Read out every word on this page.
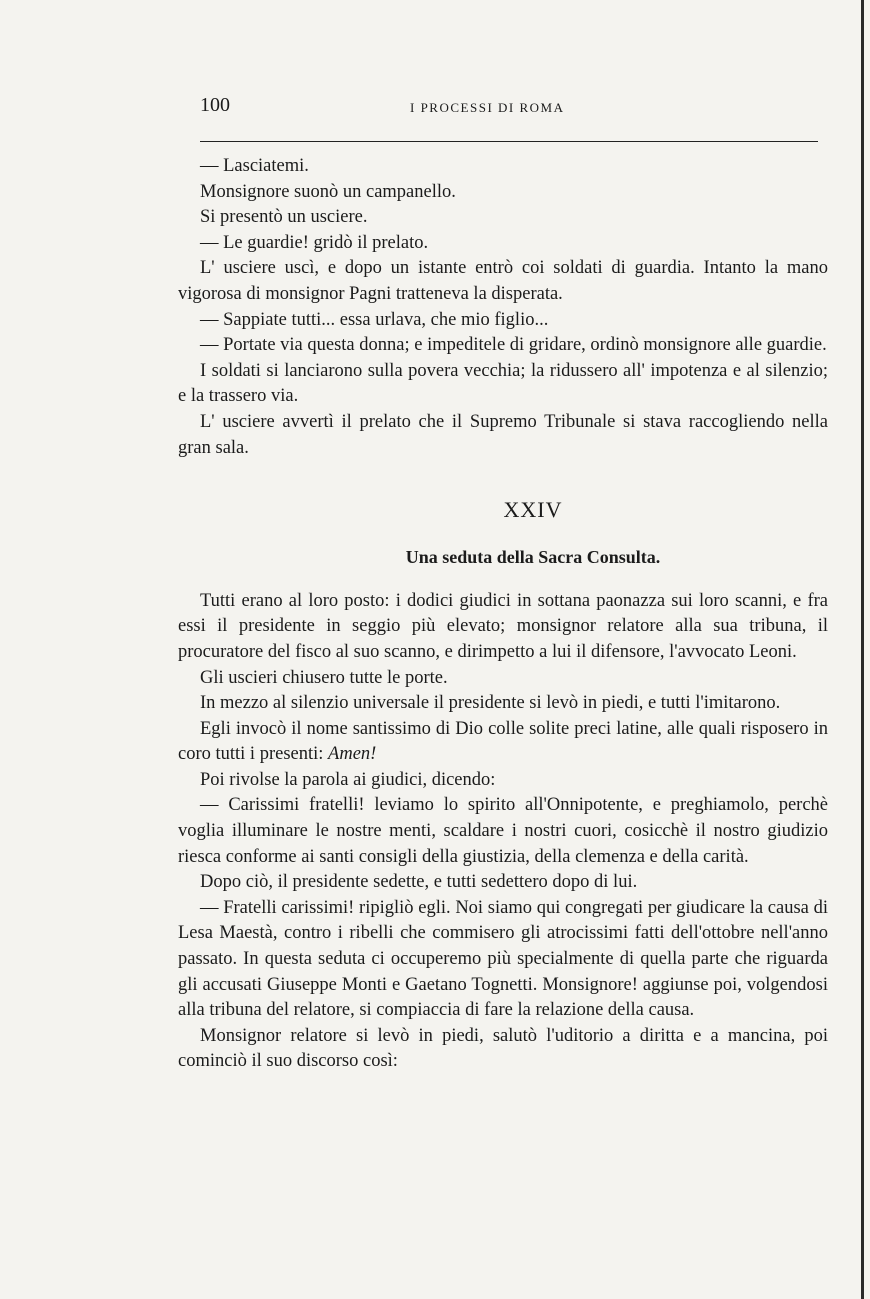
100	I PROCESSI DI ROMA

— Lasciatemi.

Monsignore suonò un campanello.

Si presentò un usciere.

— Le guardie! gridò il prelato.

L' usciere uscì, e dopo un istante entrò coi soldati di guardia. Intanto la mano vigorosa di monsignor Pagni tratteneva la disperata.

— Sappiate tutti... essa urlava, che mio figlio...

— Portate via questa donna; e impeditele di gridare, ordinò monsignore alle guardie.

I soldati si lanciarono sulla povera vecchia; la ridussero all' impotenza e al silenzio; e la trassero via.

L' usciere avvertì il prelato che il Supremo Tribunale si stava raccogliendo nella gran sala.

XXIV
Una seduta della Sacra Consulta.

Tutti erano al loro posto: i dodici giudici in sottana paonazza sui loro scanni, e fra essi il presidente in seggio più elevato; monsignor relatore alla sua tribuna, il procuratore del fisco al suo scanno, e dirimpetto a lui il difensore, l'avvocato Leoni.

Gli uscieri chiusero tutte le porte.

In mezzo al silenzio universale il presidente si levò in piedi, e tutti l'imitarono.

Egli invocò il nome santissimo di Dio colle solite preci latine, alle quali risposero in coro tutti i presenti: Amen!

Poi rivolse la parola ai giudici, dicendo:

— Carissimi fratelli! leviamo lo spirito all'Onnipotente, e preghiamolo, perchè voglia illuminare le nostre menti, scaldare i nostri cuori, cosicchè il nostro giudizio riesca conforme ai santi consigli della giustizia, della clemenza e della carità.

Dopo ciò, il presidente sedette, e tutti sedettero dopo di lui.

— Fratelli carissimi! ripigliò egli. Noi siamo qui congregati per giudicare la causa di Lesa Maestà, contro i ribelli che commisero gli atrocissimi fatti dell'ottobre nell'anno passato. In questa seduta ci occuperemo più specialmente di quella parte che riguarda gli accusati Giuseppe Monti e Gaetano Tognetti. Monsignore! aggiunse poi, volgendosi alla tribuna del relatore, si compiaccia di fare la relazione della causa.

Monsignor relatore si levò in piedi, salutò l'uditorio a diritta e a mancina, poi cominciò il suo discorso così:
